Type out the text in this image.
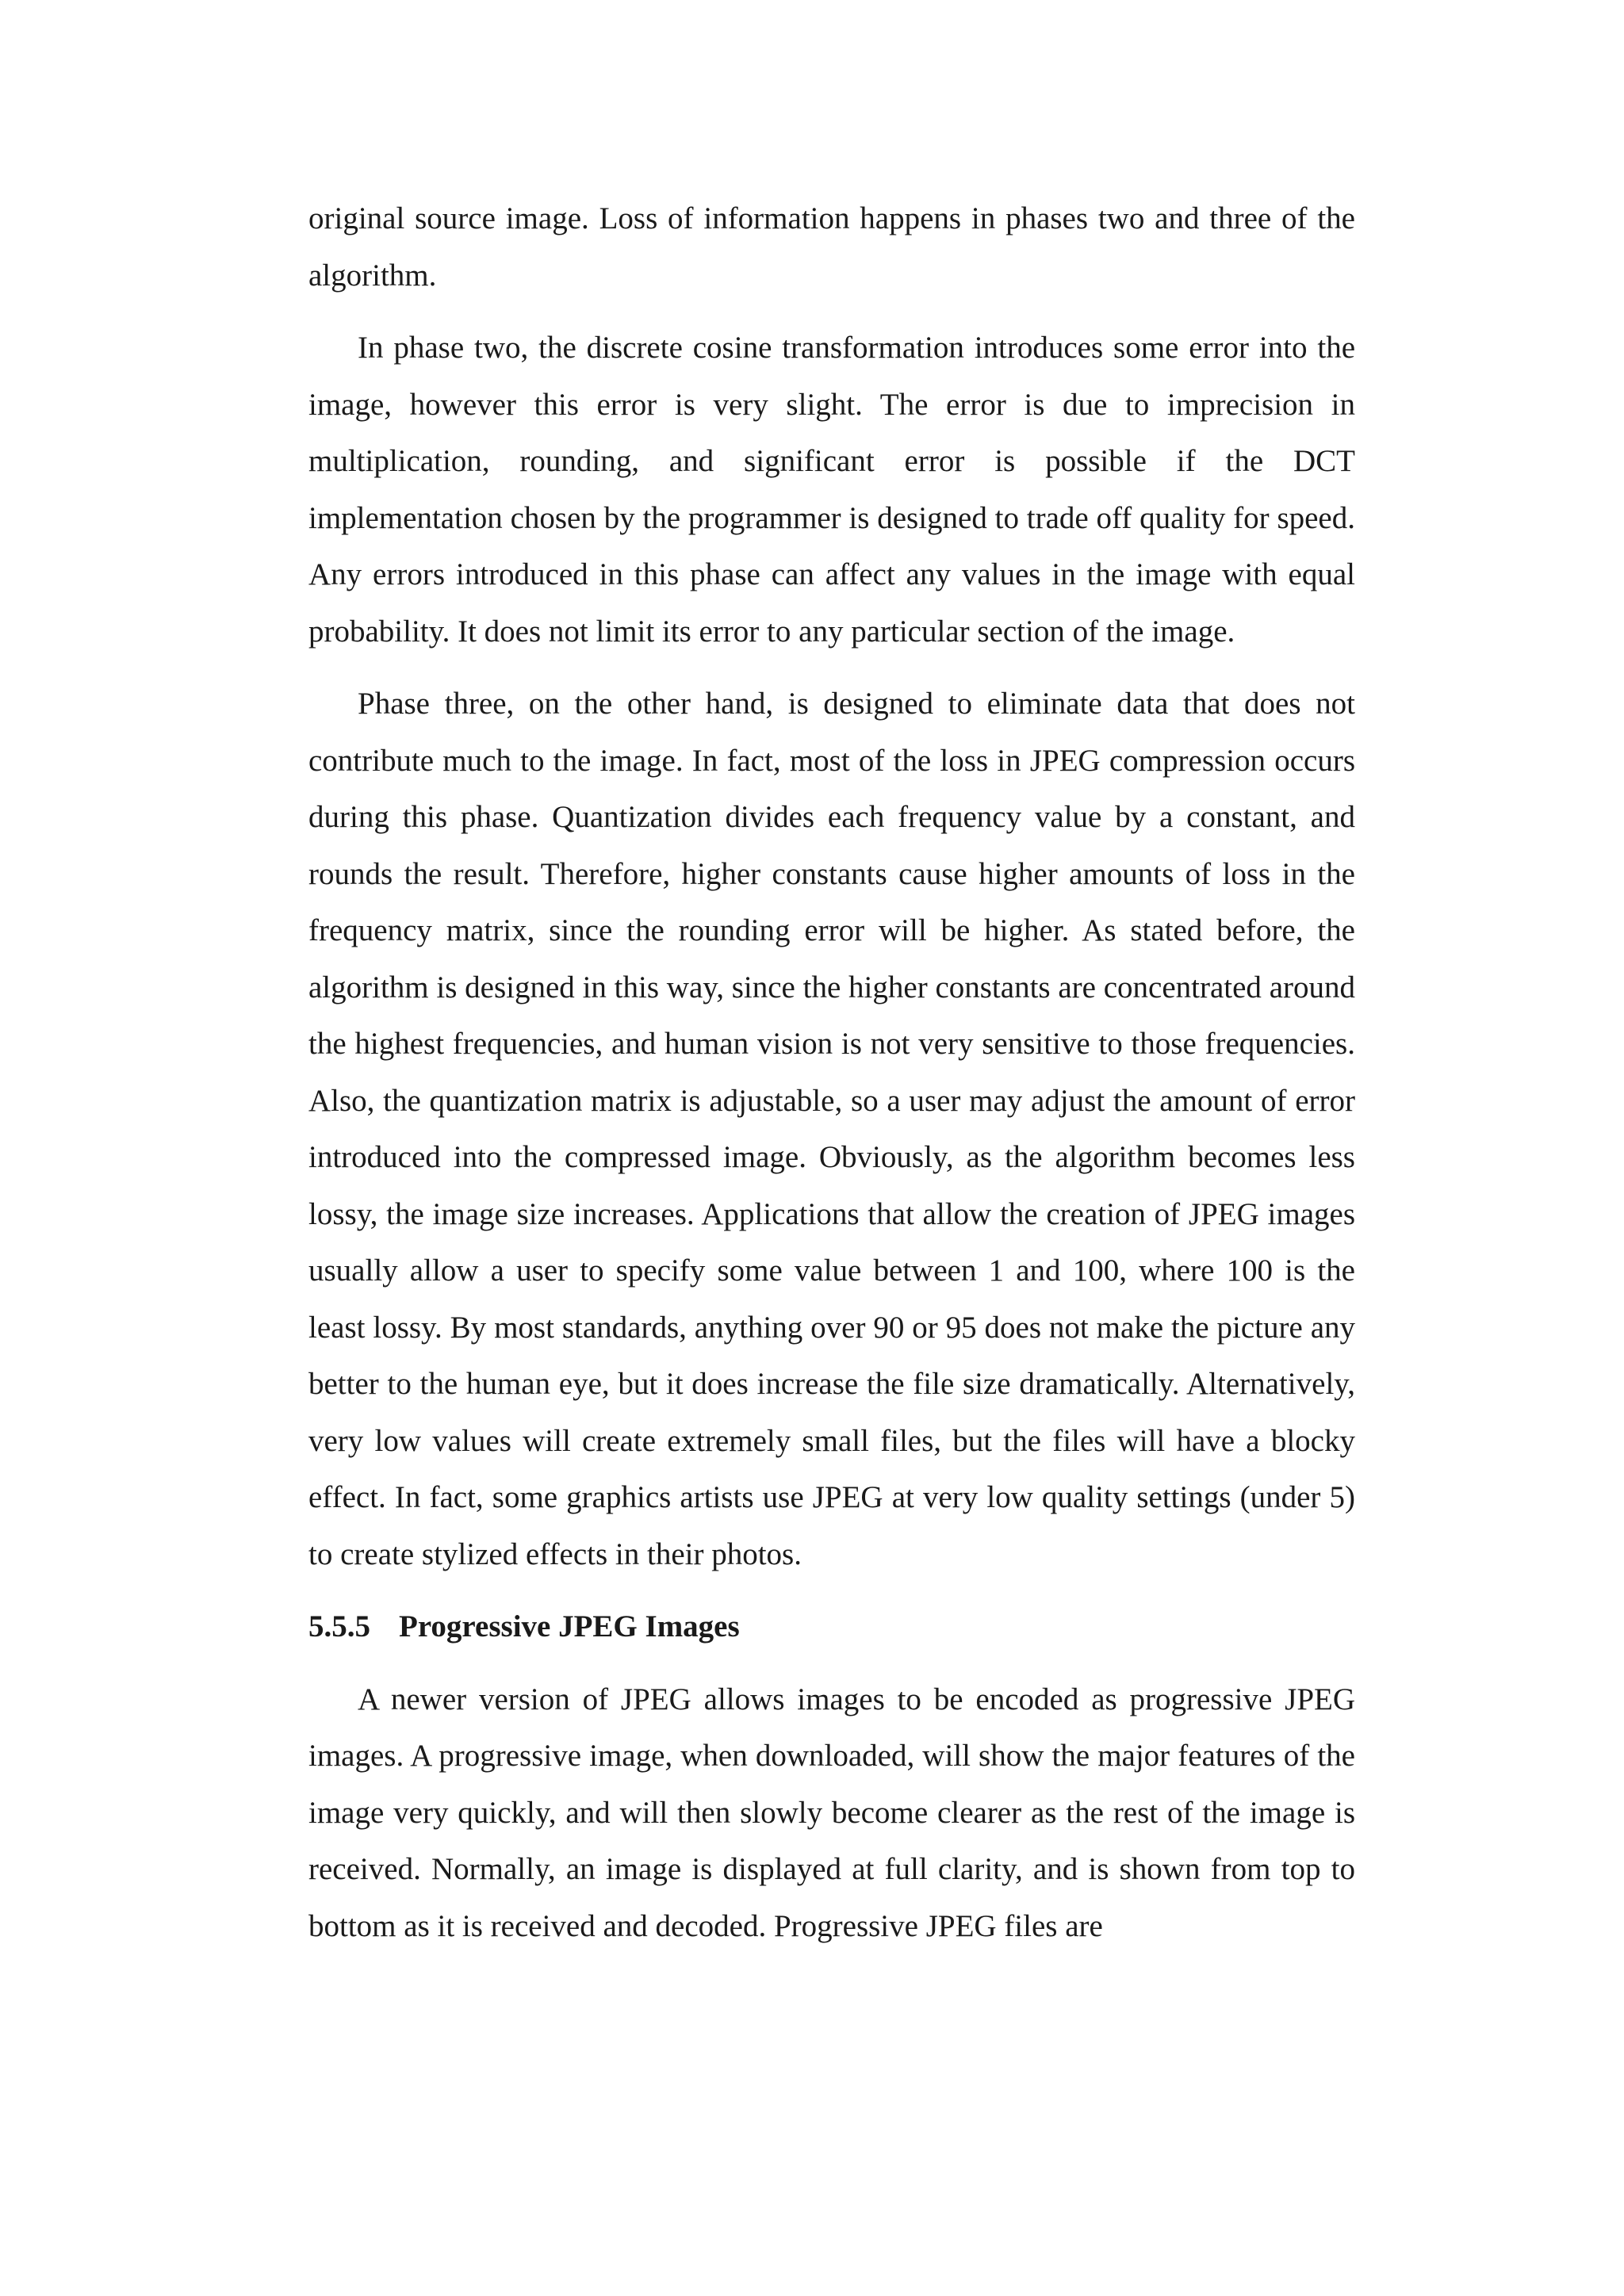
original source image. Loss of information happens in phases two and three of the algorithm.

In phase two, the discrete cosine transformation introduces some error into the image, however this error is very slight. The error is due to imprecision in multiplication, rounding, and significant error is possible if the DCT implementation chosen by the programmer is designed to trade off quality for speed. Any errors introduced in this phase can affect any values in the image with equal probability. It does not limit its error to any particular section of the image.

Phase three, on the other hand, is designed to eliminate data that does not contribute much to the image. In fact, most of the loss in JPEG compression occurs during this phase. Quantization divides each frequency value by a constant, and rounds the result. Therefore, higher constants cause higher amounts of loss in the frequency matrix, since the rounding error will be higher. As stated before, the algorithm is designed in this way, since the higher constants are concentrated around the highest frequencies, and human vision is not very sensitive to those frequencies. Also, the quantization matrix is adjustable, so a user may adjust the amount of error introduced into the compressed image. Obviously, as the algorithm becomes less lossy, the image size increases. Applications that allow the creation of JPEG images usually allow a user to specify some value between 1 and 100, where 100 is the least lossy. By most standards, anything over 90 or 95 does not make the picture any better to the human eye, but it does increase the file size dramatically. Alternatively, very low values will create extremely small files, but the files will have a blocky effect. In fact, some graphics artists use JPEG at very low quality settings (under 5) to create stylized effects in their photos.

5.5.5 Progressive JPEG Images

A newer version of JPEG allows images to be encoded as progressive JPEG images. A progressive image, when downloaded, will show the major features of the image very quickly, and will then slowly become clearer as the rest of the image is received. Normally, an image is displayed at full clarity, and is shown from top to bottom as it is received and decoded. Progressive JPEG files are
